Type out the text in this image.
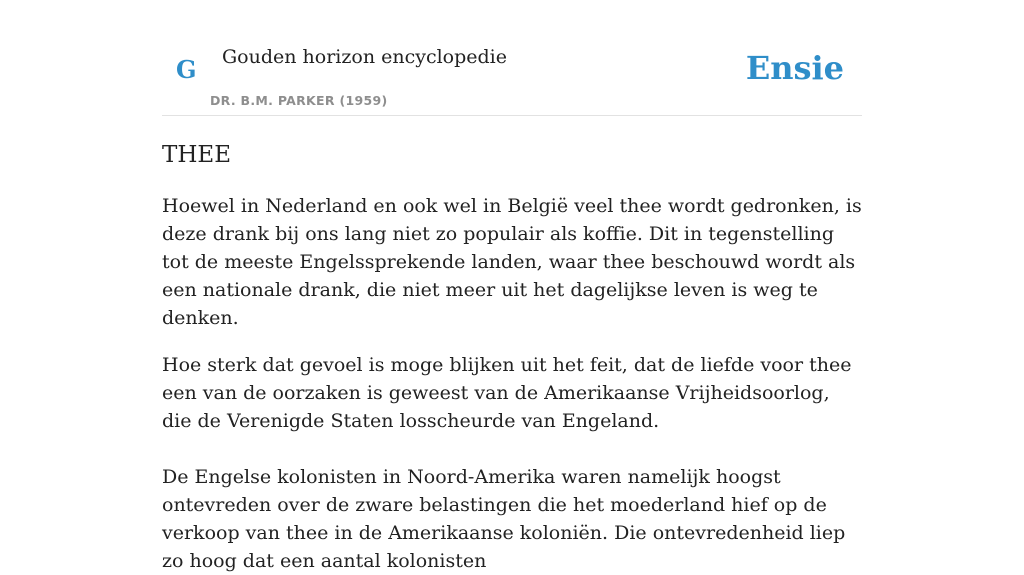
G Gouden horizon encyclopedie
DR. B.M. PARKER (1959)
Ensie
THEE

Hoewel in Nederland en ook wel in België veel thee wordt gedronken, is deze drank bij ons lang niet zo populair als koffie. Dit in tegenstelling tot de meeste Engelssprekende landen, waar thee beschouwd wordt als een nationale drank, die niet meer uit het dagelijkse leven is weg te denken.

Hoe sterk dat gevoel is moge blijken uit het feit, dat de liefde voor thee een van de oorzaken is geweest van de Amerikaanse Vrijheidsoorlog, die de Verenigde Staten losscheurde van Engeland.

De Engelse kolonisten in Noord-Amerika waren namelijk hoogst ontevreden over de zware belastingen die het moederland hief op de verkoop van thee in de Amerikaanse koloniën. Die ontevredenheid liep zo hoog dat een aantal kolonisten
